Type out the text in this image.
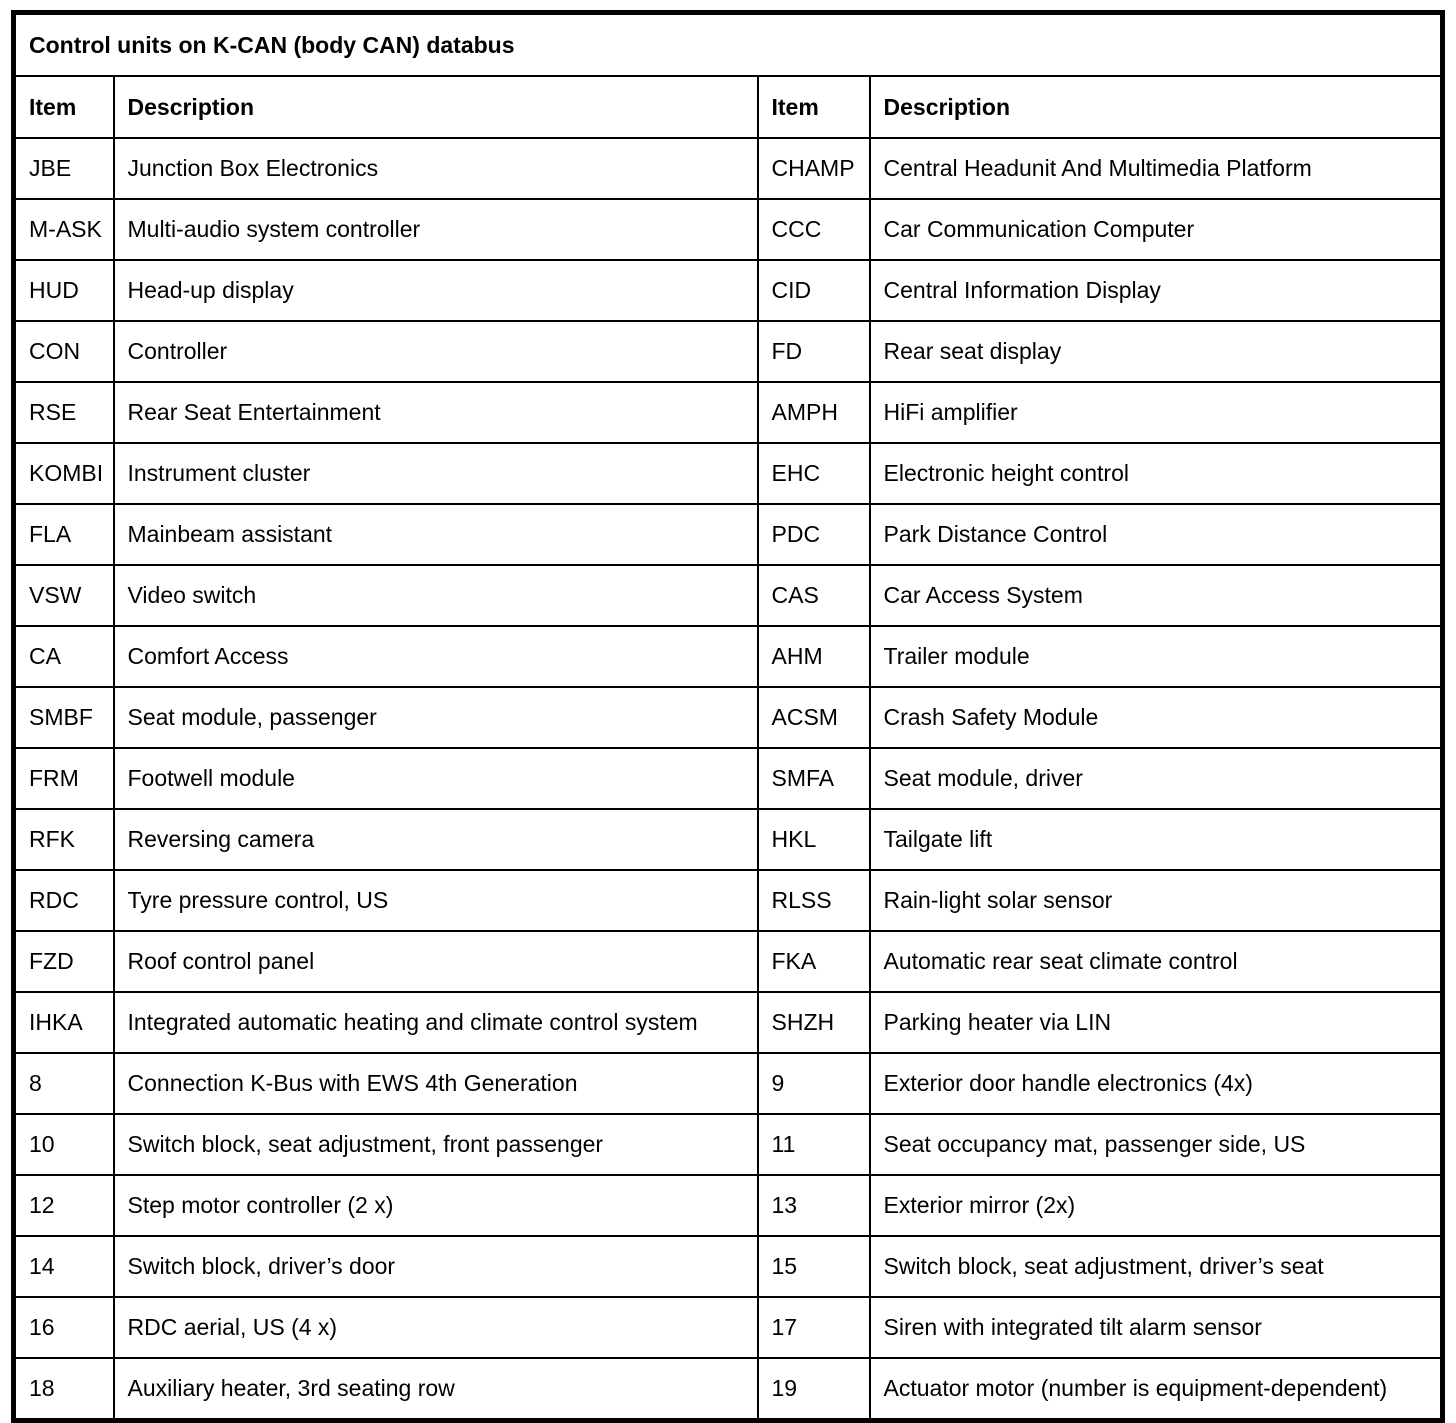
Control units on K-CAN (body CAN) databus			
Item	Description	Item	Description
JBE	Junction Box Electronics	CHAMP	Central Headunit And Multimedia Platform
M-ASK	Multi-audio system controller	CCC	Car Communication Computer
HUD	Head-up display	CID	Central Information Display
CON	Controller	FD	Rear seat display
RSE	Rear Seat Entertainment	AMPH	HiFi amplifier
KOMBI	Instrument cluster	EHC	Electronic height control
FLA	Mainbeam assistant	PDC	Park Distance Control
VSW	Video switch	CAS	Car Access System
CA	Comfort Access	AHM	Trailer module
SMBF	Seat module, passenger	ACSM	Crash Safety Module
FRM	Footwell module	SMFA	Seat module, driver
RFK	Reversing camera	HKL	Tailgate lift
RDC	Tyre pressure control, US	RLSS	Rain-light solar sensor
FZD	Roof control panel	FKA	Automatic rear seat climate control
IHKA	Integrated automatic heating and climate control system	SHZH	Parking heater via LIN
8	Connection K-Bus with EWS 4th Generation	9	Exterior door handle electronics (4x)
10	Switch block, seat adjustment, front passenger	11	Seat occupancy mat, passenger side, US
12	Step motor controller (2 x)	13	Exterior mirror (2x)
14	Switch block, driver’s door	15	Switch block, seat adjustment, driver’s seat
16	RDC aerial, US (4 x)	17	Siren with integrated tilt alarm sensor
18	Auxiliary heater, 3rd seating row	19	Actuator motor (number is equipment-dependent)
